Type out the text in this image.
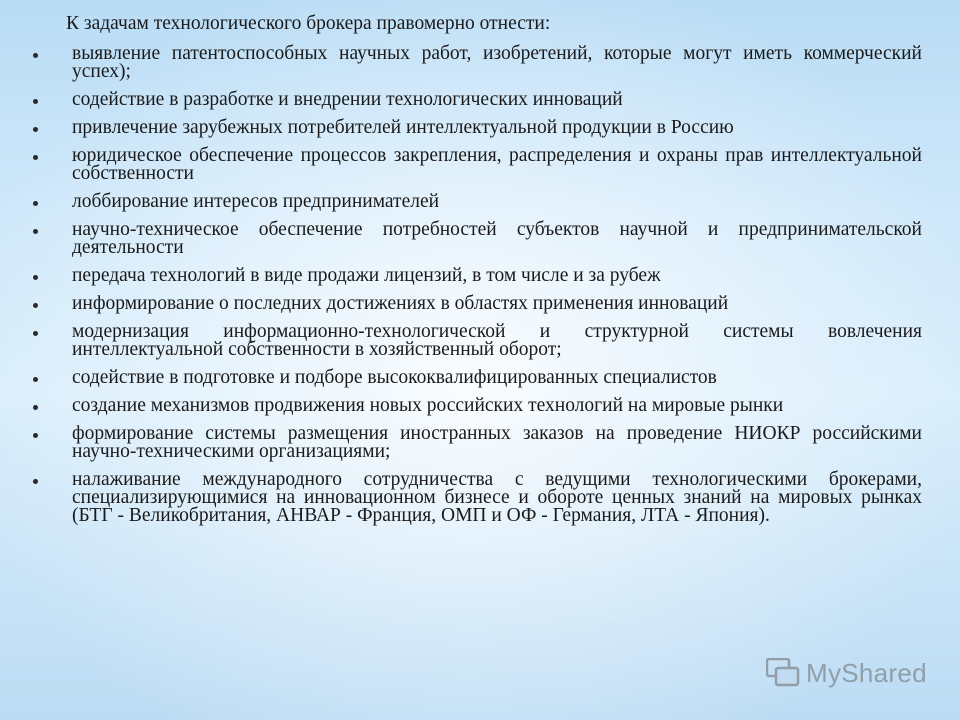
К задачам технологического брокера правомерно отнести:

выявление патентоспособных научных работ, изобретений, которые могут иметь коммерческий успех);
содействие в разработке и внедрении технологических инноваций
привлечение зарубежных потребителей интеллектуальной продукции в Россию
юридическое обеспечение процессов закрепления, распределения и охраны прав интеллектуальной собственности
лоббирование интересов предпринимателей
научно-техническое обеспечение потребностей субъектов научной и предпринимательской деятельности
передача технологий в виде продажи лицензий, в том числе и за рубеж
информирование о последних достижениях в областях применения инноваций
модернизация информационно-технологической и структурной системы вовлечения интеллектуальной собственности в хозяйственный оборот;
содействие в подготовке и подборе высококвалифицированных специалистов
создание механизмов продвижения новых российских технологий на мировые рынки
формирование системы размещения иностранных заказов на проведение НИОКР российскими научно-техническими организациями;
налаживание международного сотрудничества с ведущими технологическими брокерами, специализирующимися на инновационном бизнесе и обороте ценных знаний на мировых рынках (БТГ - Великобритания, АНВАР - Франция, ОМП и ОФ - Германия, ЛТА - Япония).
MyShared
